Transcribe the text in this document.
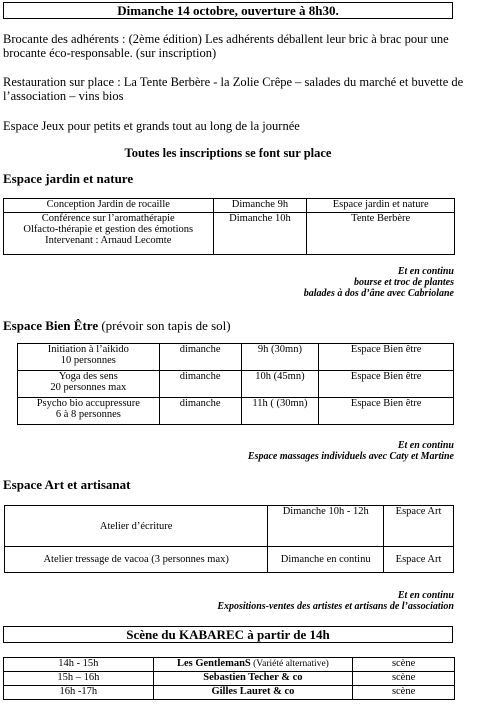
Dimanche 14 octobre, ouverture à 8h30.

Brocante des adhérents : (2ème édition) Les adhérents déballent leur bric à brac pour une brocante éco-responsable. (sur inscription)

Restauration sur place : La Tente Berbère - la Zolie Crêpe – salades du marché et buvette de l’association – vins bios

Espace Jeux pour petits et grands tout au long de la journée

Toutes les inscriptions se font sur place
Espace jardin et nature
Conception Jardin de rocaille	Dimanche 9h	Espace jardin et nature
Conférence sur l’aromathérapie
Olfacto-thérapie et gestion des émotions
Intervenant : Arnaud Lecomte	Dimanche 10h	Tente Berbère
Et en continu
bourse et troc de plantes
balades à dos d’âne avec Cabriolane
Espace Bien Être (prévoir son tapis de sol)
Initiation à l’aikido
10 personnes	dimanche	9h (30mn)	Espace Bien être
Yoga des sens
20 personnes max	dimanche	10h (45mn)	Espace Bien être
Psycho bio accupressure
6 à 8 personnes	dimanche	11h ( (30mn)	Espace Bien être
Et en continu
Espace massages individuels avec Caty et Martine
Espace Art et artisanat
Atelier d’écriture	Dimanche 10h - 12h	Espace Art
Atelier tressage de vacoa (3 personnes max)	Dimanche en continu	Espace Art
Et en continu
Expositions-ventes des artistes et artisans de l’association
Scène du KABAREC à partir de 14h
14h - 15h	Les GentlemanS (Variété alternative)	scène
15h – 16h	Sebastien Techer & co	scène
16h -17h	Gilles Lauret & co	scène
